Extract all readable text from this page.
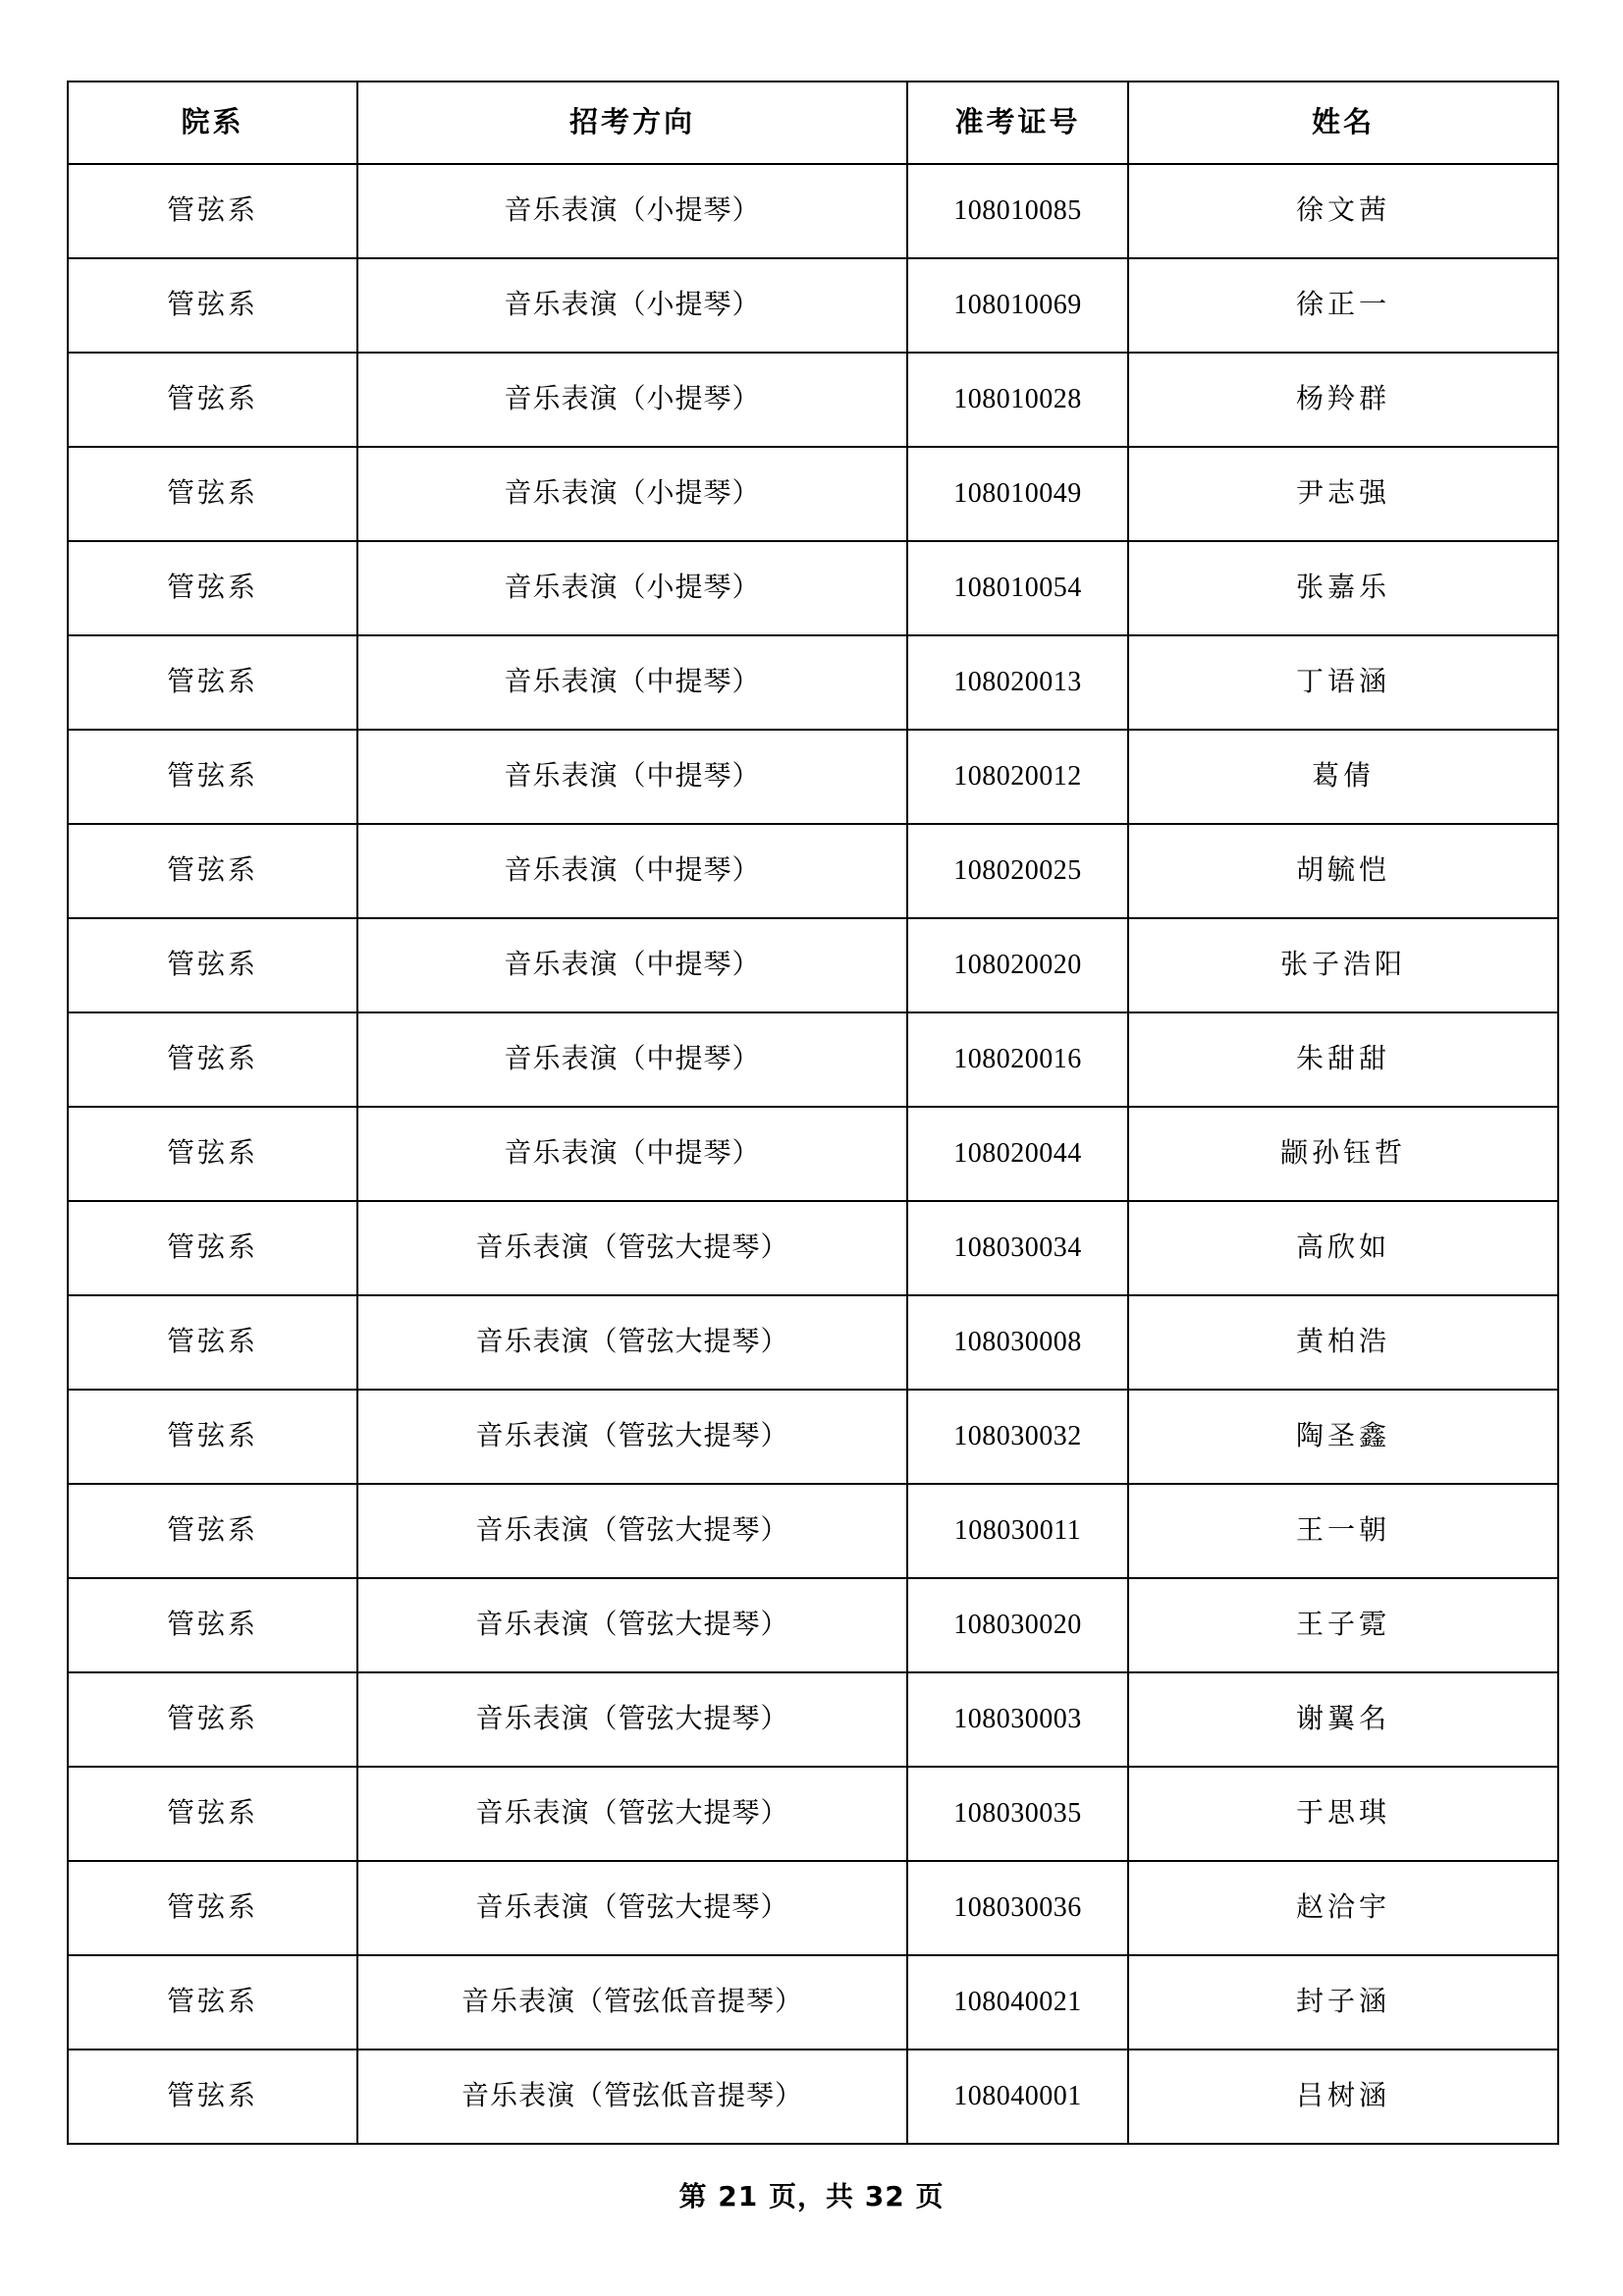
院系	招考方向	准考证号	姓名
管弦系	音乐表演（小提琴）	108010085	徐文茜
管弦系	音乐表演（小提琴）	108010069	徐正一
管弦系	音乐表演（小提琴）	108010028	杨羚群
管弦系	音乐表演（小提琴）	108010049	尹志强
管弦系	音乐表演（小提琴）	108010054	张嘉乐
管弦系	音乐表演（中提琴）	108020013	丁语涵
管弦系	音乐表演（中提琴）	108020012	葛倩
管弦系	音乐表演（中提琴）	108020025	胡毓恺
管弦系	音乐表演（中提琴）	108020020	张子浩阳
管弦系	音乐表演（中提琴）	108020016	朱甜甜
管弦系	音乐表演（中提琴）	108020044	颛孙钰哲
管弦系	音乐表演（管弦大提琴）	108030034	高欣如
管弦系	音乐表演（管弦大提琴）	108030008	黄柏浩
管弦系	音乐表演（管弦大提琴）	108030032	陶圣鑫
管弦系	音乐表演（管弦大提琴）	108030011	王一朝
管弦系	音乐表演（管弦大提琴）	108030020	王子霓
管弦系	音乐表演（管弦大提琴）	108030003	谢翼名
管弦系	音乐表演（管弦大提琴）	108030035	于思琪
管弦系	音乐表演（管弦大提琴）	108030036	赵洽宇
管弦系	音乐表演（管弦低音提琴）	108040021	封子涵
管弦系	音乐表演（管弦低音提琴）	108040001	吕树涵
第 21 页，共 32 页
